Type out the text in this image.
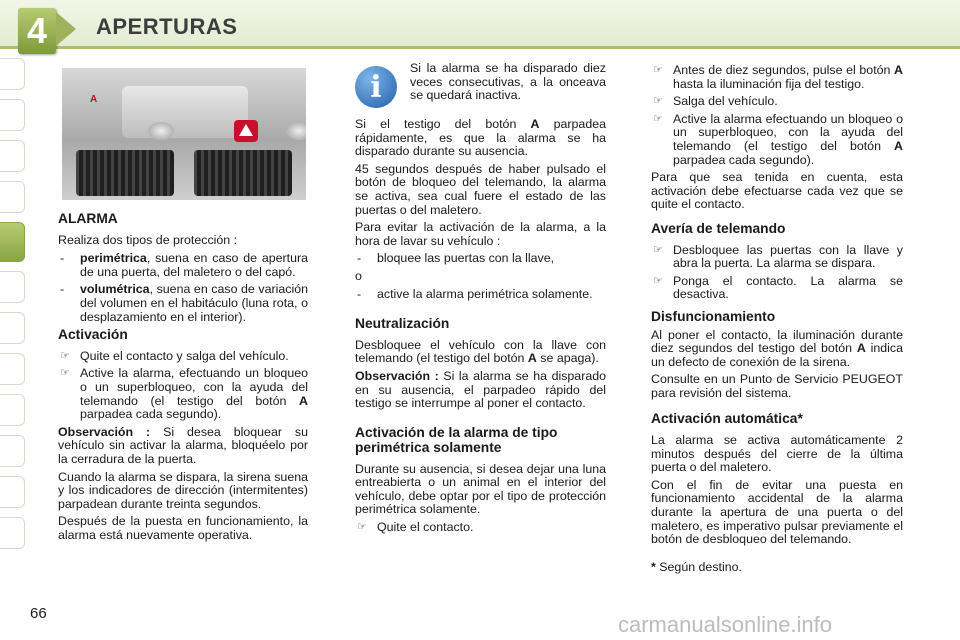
4	APERTURAS
A
ALARMA

Realiza dos tipos de protección :

- perimétrica, suena en caso de apertura de una puerta, del maletero o del capó.
- volumétrica, suena en caso de variación del volumen en el habitáculo (luna rota, o desplazamiento en el interior).
Activación
☞ Quite el contacto y salga del vehículo.
☞ Active la alarma, efectuando un bloqueo o un superbloqueo, con la ayuda del telemando (el testigo del botón A parpadea cada segundo).

Observación : Si desea bloquear su vehículo sin activar la alarma, bloquéelo por la cerradura de la puerta.

Cuando la alarma se dispara, la sirena suena y los indicadores de dirección (intermitentes) parpadean durante treinta segundos.

Después de la puesta en funcionamiento, la alarma está nuevamente operativa.

i
Si la alarma se ha disparado diez veces consecutivas, a la onceava se quedará inactiva.

Si el testigo del botón A parpadea rápidamente, es que la alarma se ha disparado durante su ausencia.

45 segundos después de haber pulsado el botón de bloqueo del telemando, la alarma se activa, sea cual fuere el estado de las puertas o del maletero.

Para evitar la activación de la alarma, a la hora de lavar su vehículo :

- bloquee las puertas con la llave,

o

- active la alarma perimétrica solamente.
Neutralización

Desbloquee el vehículo con la llave con telemando (el testigo del botón A se apaga).

Observación : Si la alarma se ha disparado en su ausencia, el parpadeo rápido del testigo se interrumpe al poner el contacto.

Activación de la alarma de tipo perimétrica solamente

Durante su ausencia, si desea dejar una luna entreabierta o un animal en el interior del vehículo, debe optar por el tipo de protección perimétrica solamente.

☞ Quite el contacto.
☞ Antes de diez segundos, pulse el botón A hasta la iluminación fija del testigo.
☞ Salga del vehículo.
☞ Active la alarma efectuando un bloqueo o un superbloqueo, con la ayuda del telemando (el testigo del botón A parpadea cada segundo).

Para que sea tenida en cuenta, esta activación debe efectuarse cada vez que se quite el contacto.

Avería de telemando
☞ Desbloquee las puertas con la llave y abra la puerta. La alarma se dispara.
☞ Ponga el contacto. La alarma se desactiva.
Disfuncionamiento

Al poner el contacto, la iluminación durante diez segundos del testigo del botón A indica un defecto de conexión de la sirena.

Consulte en un Punto de Servicio PEUGEOT para revisión del sistema.

Activación automática*

La alarma se activa automáticamente 2 minutos después del cierre de la última puerta o del maletero.

Con el fin de evitar una puesta en funcionamiento accidental de la alarma durante la apertura de una puerta o del maletero, es imperativo pulsar previamente el botón de desbloqueo del telemando.

* Según destino.

66	carmanualsonline.info
